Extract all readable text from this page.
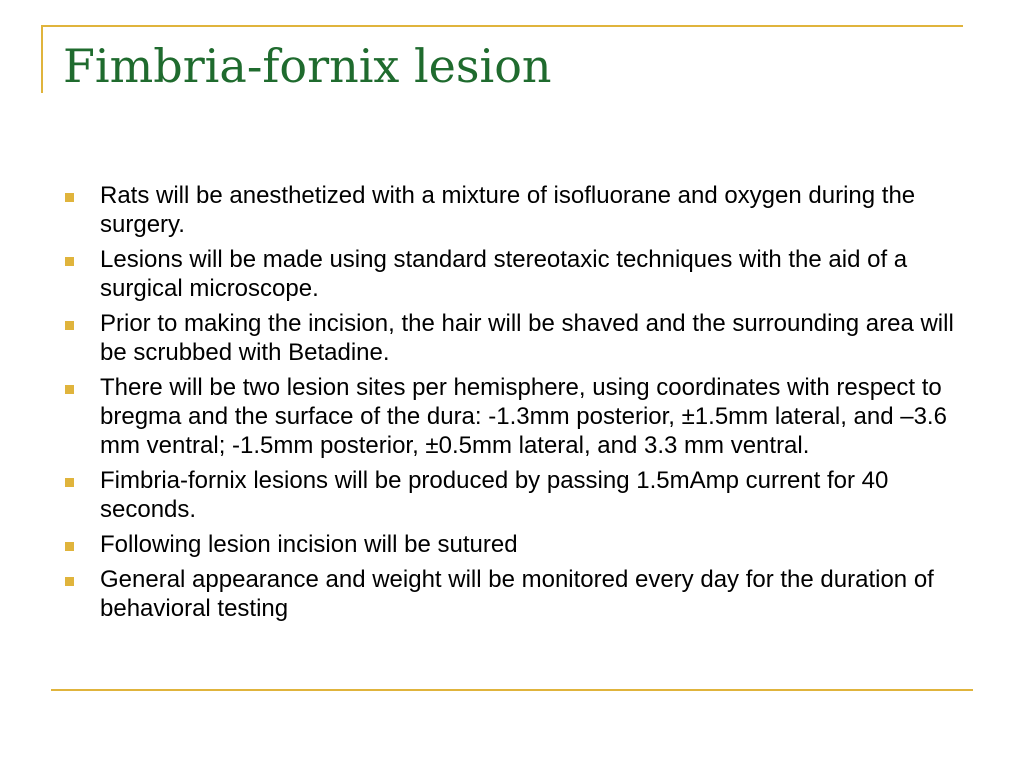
Fimbria-fornix lesion
Rats will be anesthetized with a mixture of isofluorane and oxygen during the surgery.
Lesions will be made using standard stereotaxic techniques with the aid of a surgical microscope.
Prior to making the incision, the hair will be shaved and the surrounding area will be scrubbed with Betadine.
There will be two lesion sites per hemisphere, using coordinates with respect to bregma and the surface of the dura: -1.3mm posterior, ±1.5mm lateral, and –3.6 mm ventral; -1.5mm posterior, ±0.5mm lateral, and 3.3 mm ventral.
Fimbria-fornix lesions will be produced by passing 1.5mAmp current for 40 seconds.
Following lesion incision will be sutured
General appearance and weight will be monitored every day for the duration of behavioral testing
